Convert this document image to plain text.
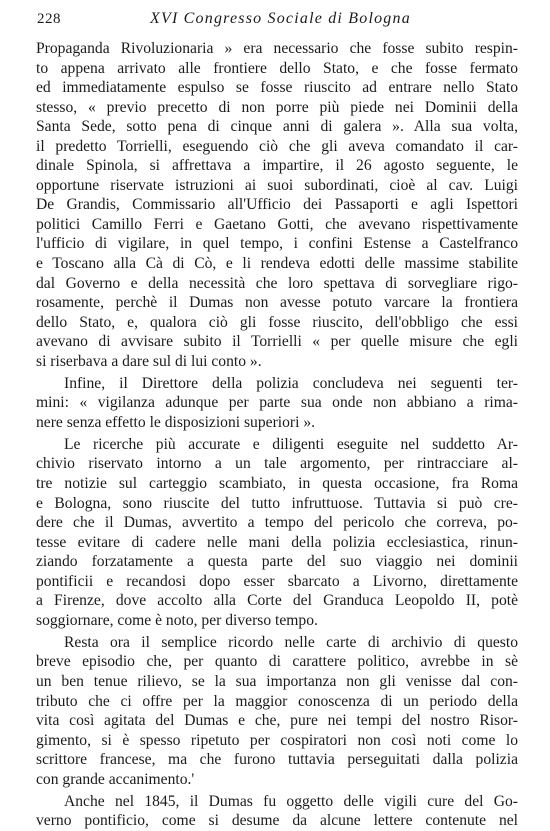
228	XVI Congresso Sociale di Bologna
Propaganda Rivoluzionaria » era necessario che fosse subito respin-
to appena arrivato alle frontiere dello Stato, e che fosse fermato
ed immediatamente espulso se fosse riuscito ad entrare nello Stato
stesso, « previo precetto di non porre più piede nei Dominii della
Santa Sede, sotto pena di cinque anni di galera ». Alla sua volta,
il predetto Torrielli, eseguendo ciò che gli aveva comandato il car-
dinale Spinola, si affrettava a impartire, il 26 agosto seguente, le
opportune riservate istruzioni ai suoi subordinati, cioè al cav. Luigi
De Grandis, Commissario all'Ufficio dei Passaporti e agli Ispettori
politici Camillo Ferri e Gaetano Gotti, che avevano rispettivamente
l'ufficio di vigilare, in quel tempo, i confini Estense a Castelfranco
e Toscano alla Cà di Cò, e li rendeva edotti delle massime stabilite
dal Governo e della necessità che loro spettava di sorvegliare rigo-
rosamente, perchè il Dumas non avesse potuto varcare la frontiera
dello Stato, e, qualora ciò gli fosse riuscito, dell'obbligo che essi
avevano di avvisare subito il Torrielli « per quelle misure che egli
si riserbava a dare sul di lui conto ».
Infine, il Direttore della polizia concludeva nei seguenti ter-
mini: « vigilanza adunque per parte sua onde non abbiano a rima-
nere senza effetto le disposizioni superiori ».
Le ricerche più accurate e diligenti eseguite nel suddetto Ar-
chivio riservato intorno a un tale argomento, per rintracciare al-
tre notizie sul carteggio scambiato, in questa occasione, fra Roma
e Bologna, sono riuscite del tutto infruttuose. Tuttavia si può cre-
dere che il Dumas, avvertito a tempo del pericolo che correva, po-
tesse evitare di cadere nelle mani della polizia ecclesiastica, rinun-
ziando forzatamente a questa parte del suo viaggio nei dominii
pontificii e recandosi dopo esser sbarcato a Livorno, direttamente
a Firenze, dove accolto alla Corte del Granduca Leopoldo II, potè
soggiornare, come è noto, per diverso tempo.
Resta ora il semplice ricordo nelle carte di archivio di questo
breve episodio che, per quanto di carattere politico, avrebbe in sè
un ben tenue rilievo, se la sua importanza non gli venisse dal con-
tributo che ci offre per la maggior conoscenza di un periodo della
vita così agitata del Dumas e che, pure nei tempi del nostro Risor-
gimento, si è spesso ripetuto per cospiratori non così noti come lo
scrittore francese, ma che furono tuttavia perseguitati dalla polizia
con grande accanimento.'
Anche nel 1845, il Dumas fu oggetto delle vigili cure del Go-
verno pontificio, come si desume da alcune lettere contenute nel
